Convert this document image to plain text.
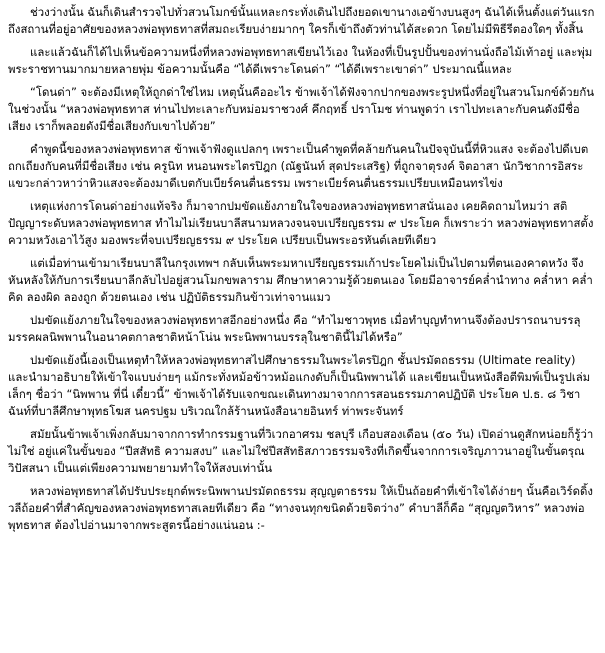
ช่วงว่างนั้น ฉันก็เดินสำรวจไปทั่วสวนโมกข์นั้นแหละกระทั่งเดินไปถึงยอดเขานางเอข้างบนสูงๆ ฉันได้เห็นตั้งแต่วันแรกถึงสถานที่อยู่อาศัยของหลวงพ่อพุทธทาสที่สมถะเรียบง่ายมากๆ ใครก็เข้าถึงตัวท่านได้สะดวก โดยไม่มีพิธีรีตองใดๆ ทั้งสิ้น

และแล้วฉันก็ได้ไปเห็นข้อความหนึ่งที่หลวงพ่อพุทธทาสเขียนไว้เอง ในห้องที่เป็นรูปปั้นของท่านนั่งถือไม้เท้าอยู่ และพุ่มพระราชทานมากมายหลายพุ่ม ข้อความนั้นคือ “ได้ดีเพราะโดนด่า” “ได้ดีเพราะเขาด่า” ประมาณนี้แหละ

“โดนด่า” จะต้องมีเหตุให้ถูกด่าใช่ไหม เหตุนั้นคืออะไร ข้าพเจ้าได้ฟังจากปากของพระรูปหนึ่งที่อยู่ในสวนโมกข์ด้วยกันในช่วงนั้น “หลวงพ่อพุทธทาส ท่านไปทะเลาะกับหม่อมราชวงศ์ คึกฤทธิ์ ปราโมช ท่านพูดว่า เราไปทะเลาะกับคนดังมีชื่อเสียง เราก็พลอยดังมีชื่อเสียงกับเขาไปด้วย”

คำพูดนี้ของหลวงพ่อพุทธทาส ข้าพเจ้าฟังดูแปลกๆ เพราะเป็นคำพูดที่คล้ายกันคนในปัจจุบันนี้ที่หิวแสง จะต้องไปดีเบตถกเถียงกับคนที่มีชื่อเสียง เช่น ครูนิท หนอนพระไตรปิฎก (ณัฐนันท์ สุดประเสริฐ) ที่ถูกจาตุรงค์ จิตอาสา นักวิชาการอิสระแขวะกล่าวหาว่าหิวแสงจะต้องมาดีเบตกับเบียร์คนตื่นธรรม เพราะเบียร์คนตื่นธรรมเปรียบเหมือนทรไข่ง

เหตุแห่งการโดนด่าอย่างแท้จริง ก็มาจากปมขัดแย้งภายในใจของหลวงพ่อพุทธทาสนั่นเอง เคยคิดถามไหมว่า สติปัญญาระดับหลวงพ่อพุทธทาส ทำไมไม่เรียนบาลีสนามหลวงจนจบเปรียญธรรม ๙ ประโยค ก็เพราะว่า หลวงพ่อพุทธทาสตั้งความหวังเอาไว้สูง มองพระที่จบเปรียญธรรม ๙ ประโยค เปรียบเป็นพระอรหันต์เลยทีเดียว

แต่เมื่อท่านเข้ามาเรียนบาลีในกรุงเทพฯ กลับเห็นพระมหาเปรียญธรรมเก้าประโยคไม่เป็นไปตามที่ตนเองคาดหวัง จึงหันหลังให้กับการเรียนบาลีกลับไปอยู่สวนโมกขพลาราม ศึกษาหาความรู้ด้วยตนเอง โดยมีอาจารย์คล่ำนำทาง คล่ำหา คล่ำคิด ลองผิด ลองถูก ด้วยตนเอง เช่น ปฏิบัติธรรมกินข้าวเท่าจานแมว

ปมขัดแย้งภายในใจของหลวงพ่อพุทธทาสอีกอย่างหนึ่ง คือ “ทำไมชาวพุทธ เมื่อทำบุญทำทานจึงต้องปรารถนาบรรลุมรรคผลนิพพานในอนาคตกาลชาติหน้าโน่น พระนิพพานบรรลุในชาตินี้ไม่ได้หรือ”

ปมขัดแย้งนี้เองเป็นเหตุทำให้หลวงพ่อพุทธทาสไปศึกษาธรรมในพระไตรปิฎก ชั้นปรมัตถธรรม (Ultimate reality) และนำมาอธิบายให้เข้าใจแบบง่ายๆ แม้กระทั่งหม้อข้าวหม้อแกงดับก็เป็นนิพพานได้ และเขียนเป็นหนังสือตีพิมพ์เป็นรูปเล่มเล็กๆ ชื่อว่า “นิพพาน ที่นี่ เดี๋ยวนี้” ข้าพเจ้าได้รับแจกขณะเดินทางมาจากการสอนธรรมภาคปฏิบัติ ประโยค ป.ธ. ๘ วิชาฉันท์ที่บาลีศึกษาพุทธโฆส นครปฐม บริเวณใกล้ร้านหนังสือนายอินทร์ ท่าพระจันทร์

สมัยนั้นข้าพเจ้าเพิ่งกลับมาจากการทำกรรมฐานที่วิเวกอาศรม ชลบุรี เกือบสองเดือน (๕๐ วัน) เปิดอ่านดูสักหน่อยก็รู้ว่า ไม่ใช่ อยู่แค่ในขั้นของ “ปีสสัทธิ ความสงบ” และไม่ใช่ปีสสัทธิสภาวธรรมจริงที่เกิดขึ้นจากการเจริญภาวนาอยู่ในขั้นตรุณวิปัสสนา เป็นแต่เพียงความพยายามทำใจให้สงบเท่านั้น

หลวงพ่อพุทธทาสได้ปรับประยุกต์พระนิพพานปรมัตถธรรม สุญญตาธรรม ให้เป็นถ้อยคำที่เข้าใจได้ง่ายๆ นั้นคือเวิร์ดดิ้งวลีถ้อยคำที่สำคัญของหลวงพ่อพุทธทาสเลยทีเดียว คือ “ทางจนทุกขนิดด้วยจิตว่าง” คำบาลีก็คือ “สุญญตวิหาร” หลวงพ่อพุทธทาส ต้องไปอ่านมาจากพระสูตรนี้อย่างแน่นอน :-
